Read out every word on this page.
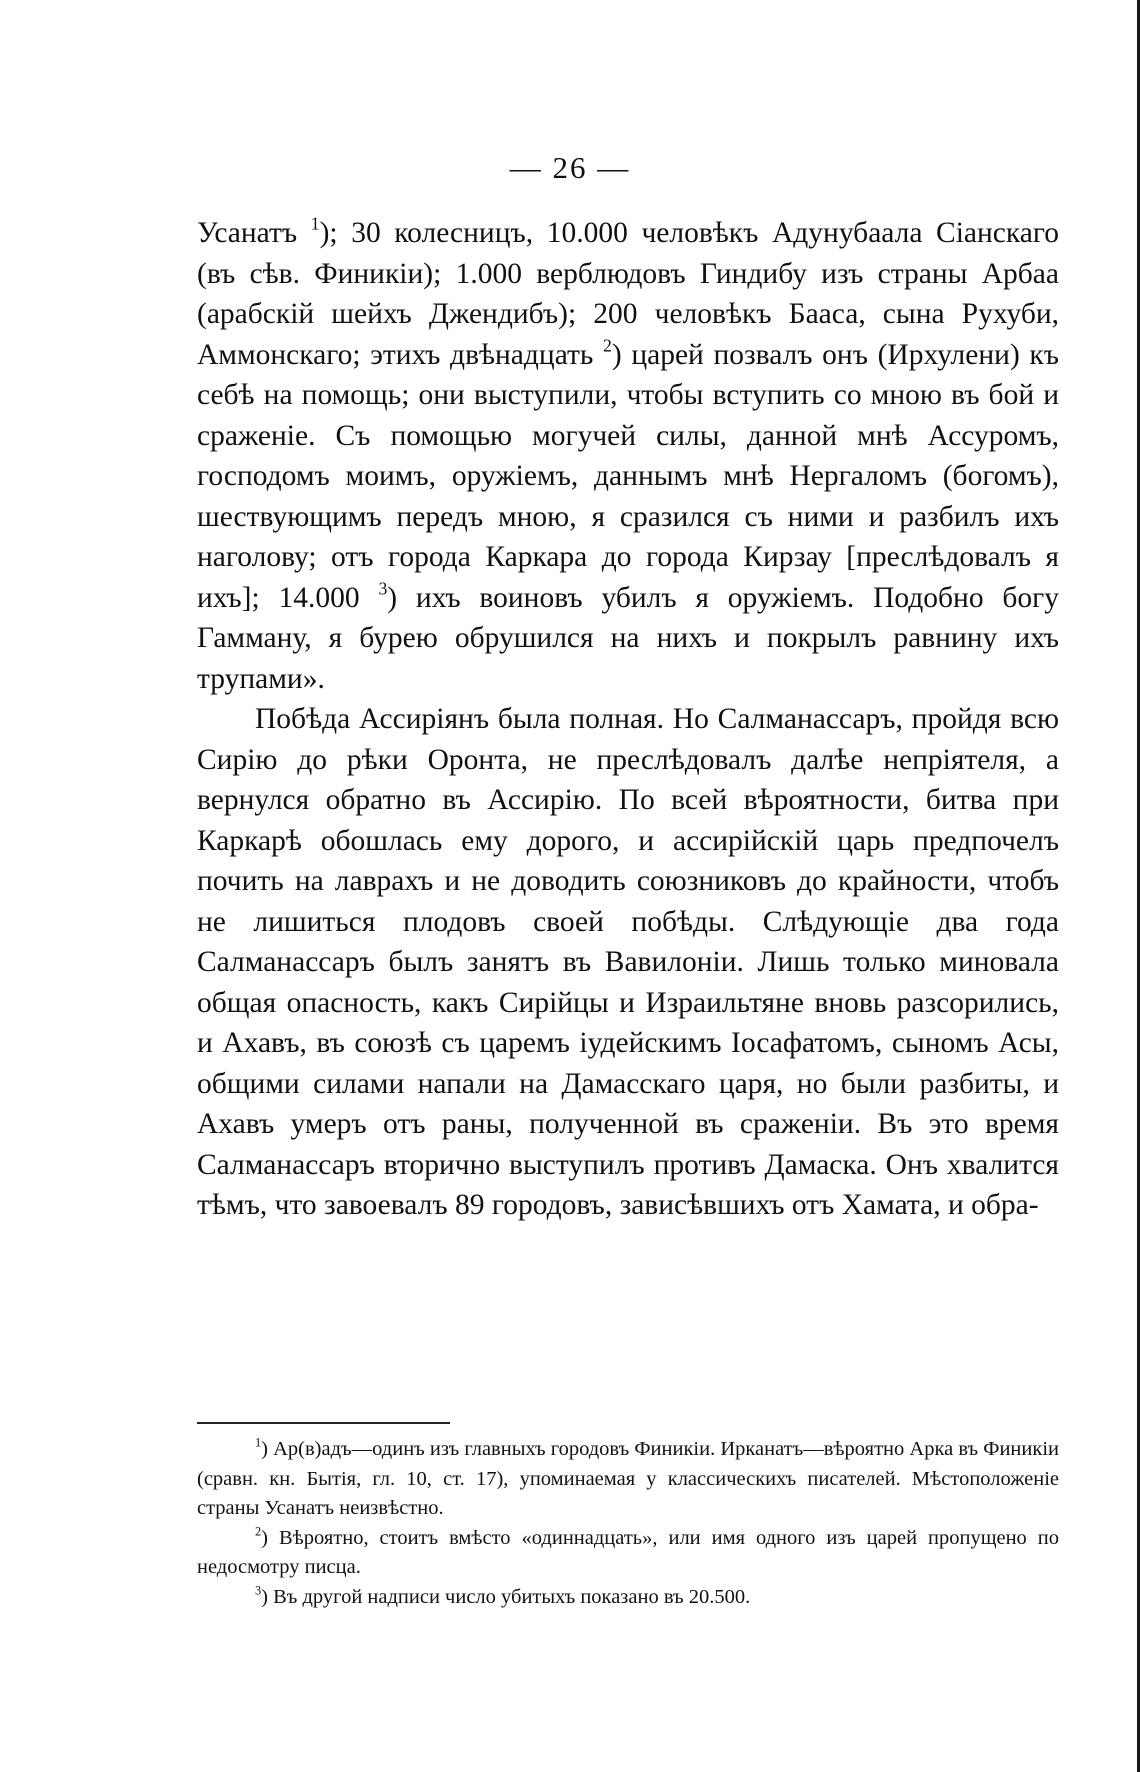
— 26 —

Усанатъ $^1$); 30 колесницъ, 10.000 человѣкъ Адунубаала Сіанскаго (въ сѣв. Финикіи); 1.000 верблюдовъ Гиндибу изъ страны Арбаа (арабскій шейхъ Джендибъ); 200 человѣкъ Бааса, сына Рухуби, Аммонскаго; этихъ двѣнадцать $^2$) царей позвалъ онъ (Ирхулени) къ себѣ на помощь; они выступили, чтобы вступить со мною въ бой и сраженіе. Съ помощью могучей силы, данной мнѣ Ассуромъ, господомъ моимъ, оружіемъ, даннымъ мнѣ Нергаломъ (богомъ), шествующимъ передъ мною, я сразился съ ними и разбилъ ихъ наголову; отъ города Каркара до города Кирзау [преслѣдовалъ я ихъ]; 14.000 $^3$) ихъ воиновъ убилъ я оружіемъ. Подобно богу Гамману, я бурею обрушился на нихъ и покрылъ равнину ихъ трупами».

Побѣда Ассиріянъ была полная. Но Салманассаръ, пройдя всю Сирію до рѣки Оронта, не преслѣдовалъ далѣе непріятеля, а вернулся обратно въ Ассирію. По всей вѣроятности, битва при Каркарѣ обошлась ему дорого, и ассирійскій царь предпочелъ почить на лаврахъ и не доводить союзниковъ до крайности, чтобъ не лишиться плодовъ своей побѣды. Слѣдующіе два года Салманассаръ былъ занятъ въ Вавилоніи. Лишь только миновала общая опасность, какъ Сирійцы и Израильтяне вновь разсорились, и Ахавъ, въ союзѣ съ царемъ іудейскимъ Іосафатомъ, сыномъ Асы, общими силами напали на Дамасскаго царя, но были разбиты, и Ахавъ умеръ отъ раны, полученной въ сраженіи. Въ это время Салманассаръ вторично выступилъ противъ Дамаска. Онъ хвалится тѣмъ, что завоевалъ 89 городовъ, зависѣвшихъ отъ Хамата, и обра-

$^1$) Ар(в)адъ—одинъ изъ главныхъ городовъ Финикіи. Ирканатъ—вѣроятно Арка въ Финикіи (сравн. кн. Бытія, гл. 10, ст. 17), упоминаемая у классическихъ писателей. Мѣстоположеніе страны Усанатъ неизвѣстно.

$^2$) Вѣроятно, стоитъ вмѣсто «одиннадцать», или имя одного изъ царей пропущено по недосмотру писца.

$^3$) Въ другой надписи число убитыхъ показано въ 20.500.
